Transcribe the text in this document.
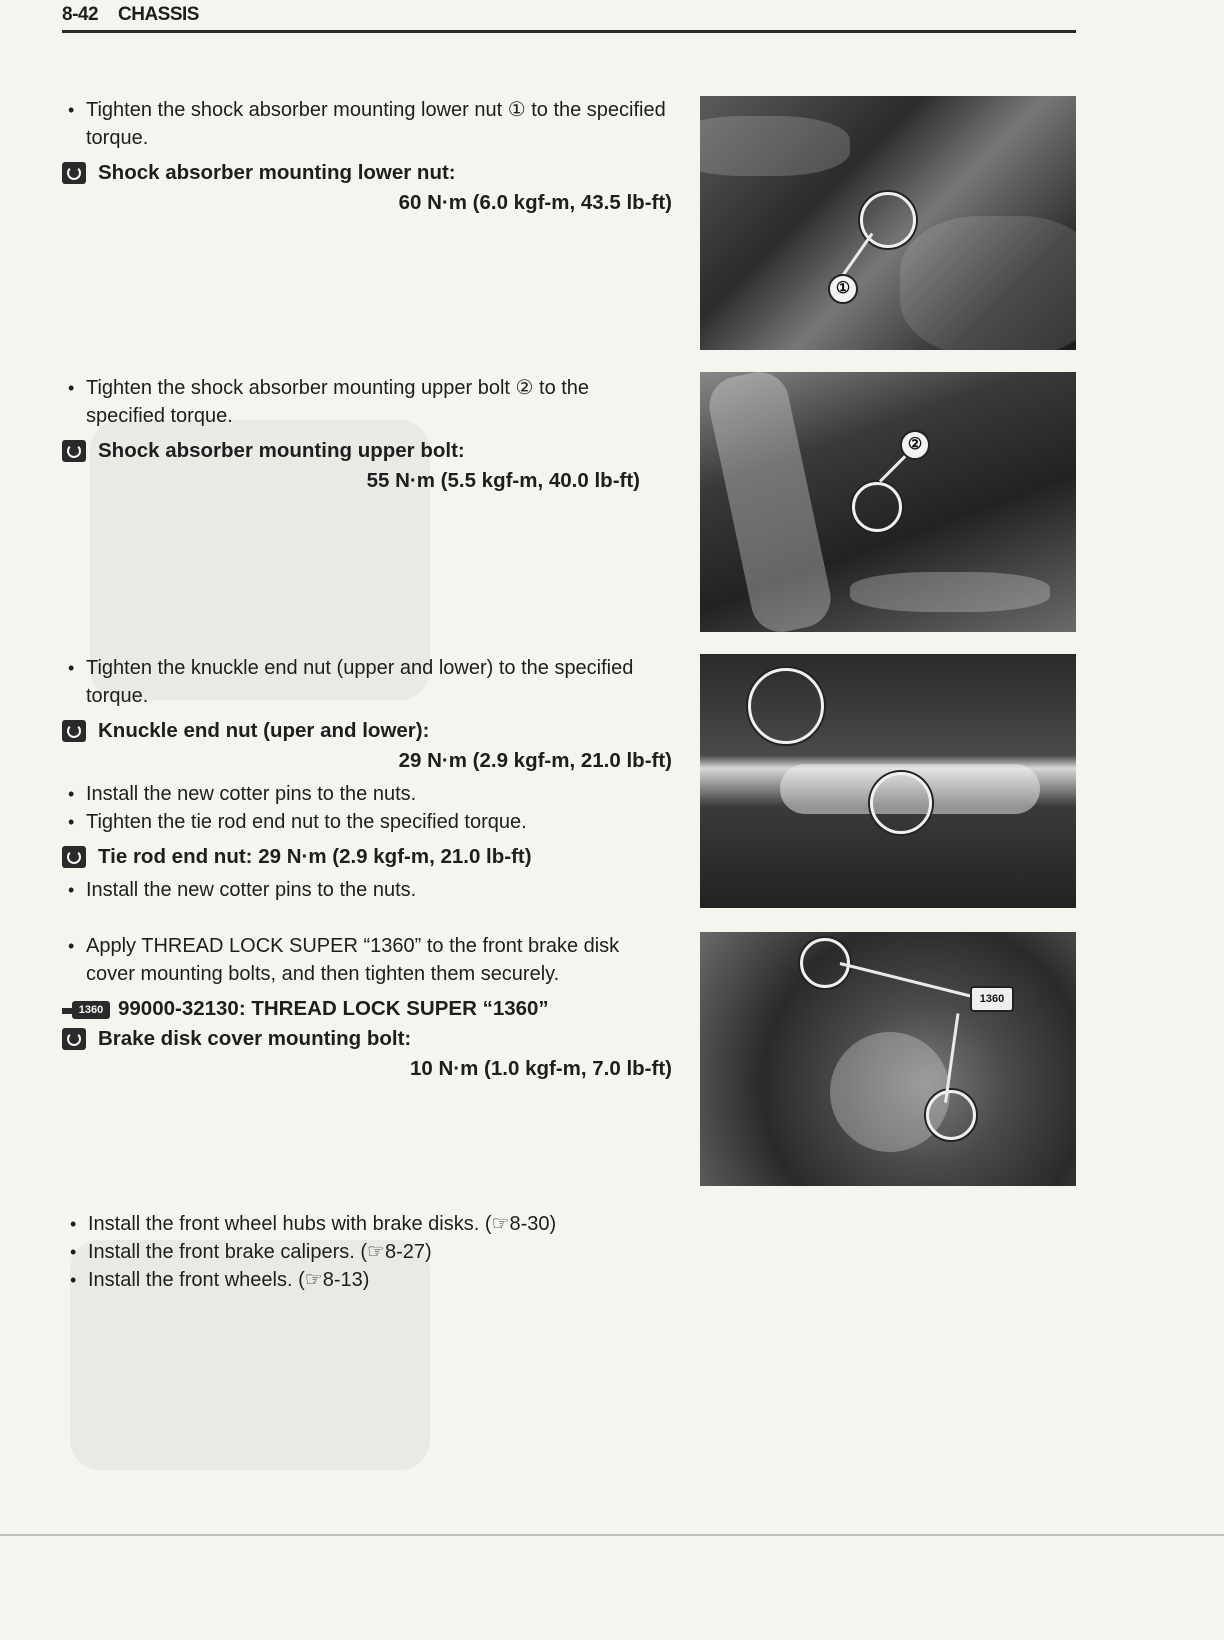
8-42 CHASSIS
• Tighten the shock absorber mounting lower nut ① to the specified torque.
Shock absorber mounting lower nut:
60 N·m (6.0 kgf-m, 43.5 lb-ft)
①
• Tighten the shock absorber mounting upper bolt ② to the specified torque.
Shock absorber mounting upper bolt:
55 N·m (5.5 kgf-m, 40.0 lb-ft)
②
• Tighten the knuckle end nut (upper and lower) to the specified torque.
Knuckle end nut (uper and lower):
29 N·m (2.9 kgf-m, 21.0 lb-ft)
• Install the new cotter pins to the nuts.
• Tighten the tie rod end nut to the specified torque.
Tie rod end nut: 29 N·m (2.9 kgf-m, 21.0 lb-ft)
• Install the new cotter pins to the nuts.
• Apply THREAD LOCK SUPER “1360” to the front brake disk cover mounting bolts, and then tighten them securely.
1360 99000-32130: THREAD LOCK SUPER “1360”
Brake disk cover mounting bolt:
10 N·m (1.0 kgf-m, 7.0 lb-ft)
1360
• Install the front wheel hubs with brake disks. (☞8-30)
• Install the front brake calipers. (☞8-27)
• Install the front wheels. (☞8-13)
